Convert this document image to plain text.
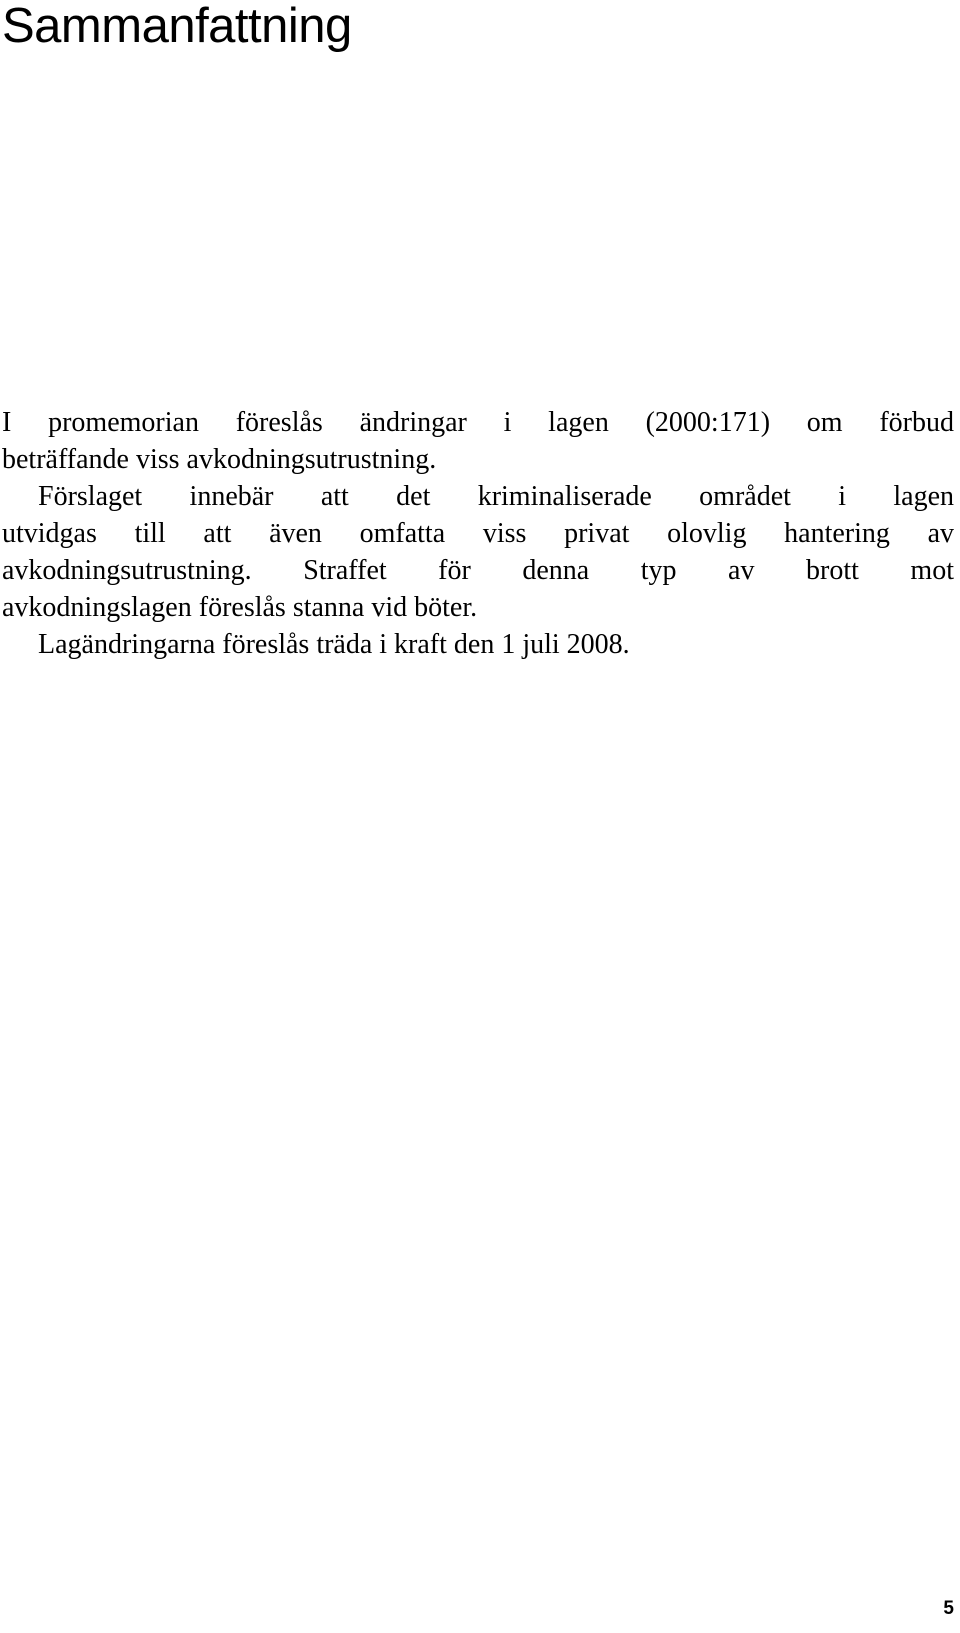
Sammanfattning

I promemorian föreslås ändringar i lagen (2000:171) om förbud
beträffande viss avkodningsutrustning.

Förslaget innebär att det kriminaliserade området i lagen
utvidgas till att även omfatta viss privat olovlig hantering av
avkodningsutrustning. Straffet för denna typ av brott mot
avkodningslagen föreslås stanna vid böter.

Lagändringarna föreslås träda i kraft den 1 juli 2008.

5
